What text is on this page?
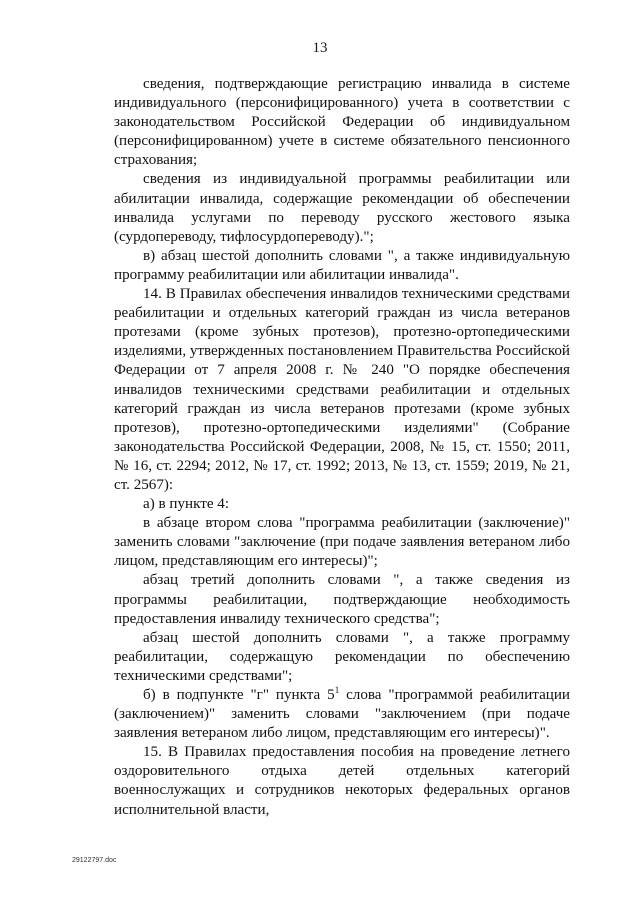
13

сведения, подтверждающие регистрацию инвалида в системе индивидуального (персонифицированного) учета в соответствии с законодательством Российской Федерации об индивидуальном (персонифицированном) учете в системе обязательного пенсионного страхования;

сведения из индивидуальной программы реабилитации или абилитации инвалида, содержащие рекомендации об обеспечении инвалида услугами по переводу русского жестового языка (сурдопереводу, тифлосурдопереводу).";

в) абзац шестой дополнить словами ", а также индивидуальную программу реабилитации или абилитации инвалида".

14. В Правилах обеспечения инвалидов техническими средствами реабилитации и отдельных категорий граждан из числа ветеранов протезами (кроме зубных протезов), протезно-ортопедическими изделиями, утвержденных постановлением Правительства Российской Федерации от 7 апреля 2008 г. № 240 "О порядке обеспечения инвалидов техническими средствами реабилитации и отдельных категорий граждан из числа ветеранов протезами (кроме зубных протезов), протезно-ортопедическими изделиями" (Собрание законодательства Российской Федерации, 2008, № 15, ст. 1550; 2011, № 16, ст. 2294; 2012, № 17, ст. 1992; 2013, № 13, ст. 1559; 2019, № 21, ст. 2567):

а) в пункте 4:

в абзаце втором слова "программа реабилитации (заключение)" заменить словами "заключение (при подаче заявления ветераном либо лицом, представляющим его интересы)";

абзац третий дополнить словами ", а также сведения из программы реабилитации, подтверждающие необходимость предоставления инвалиду технического средства";

абзац шестой дополнить словами ", а также программу реабилитации, содержащую рекомендации по обеспечению техническими средствами";

б) в подпункте "г" пункта $5^1$ слова "программой реабилитации (заключением)" заменить словами "заключением (при подаче заявления ветераном либо лицом, представляющим его интересы)".

15. В Правилах предоставления пособия на проведение летнего оздоровительного отдыха детей отдельных категорий военнослужащих и сотрудников некоторых федеральных органов исполнительной власти,

29122797.doc
